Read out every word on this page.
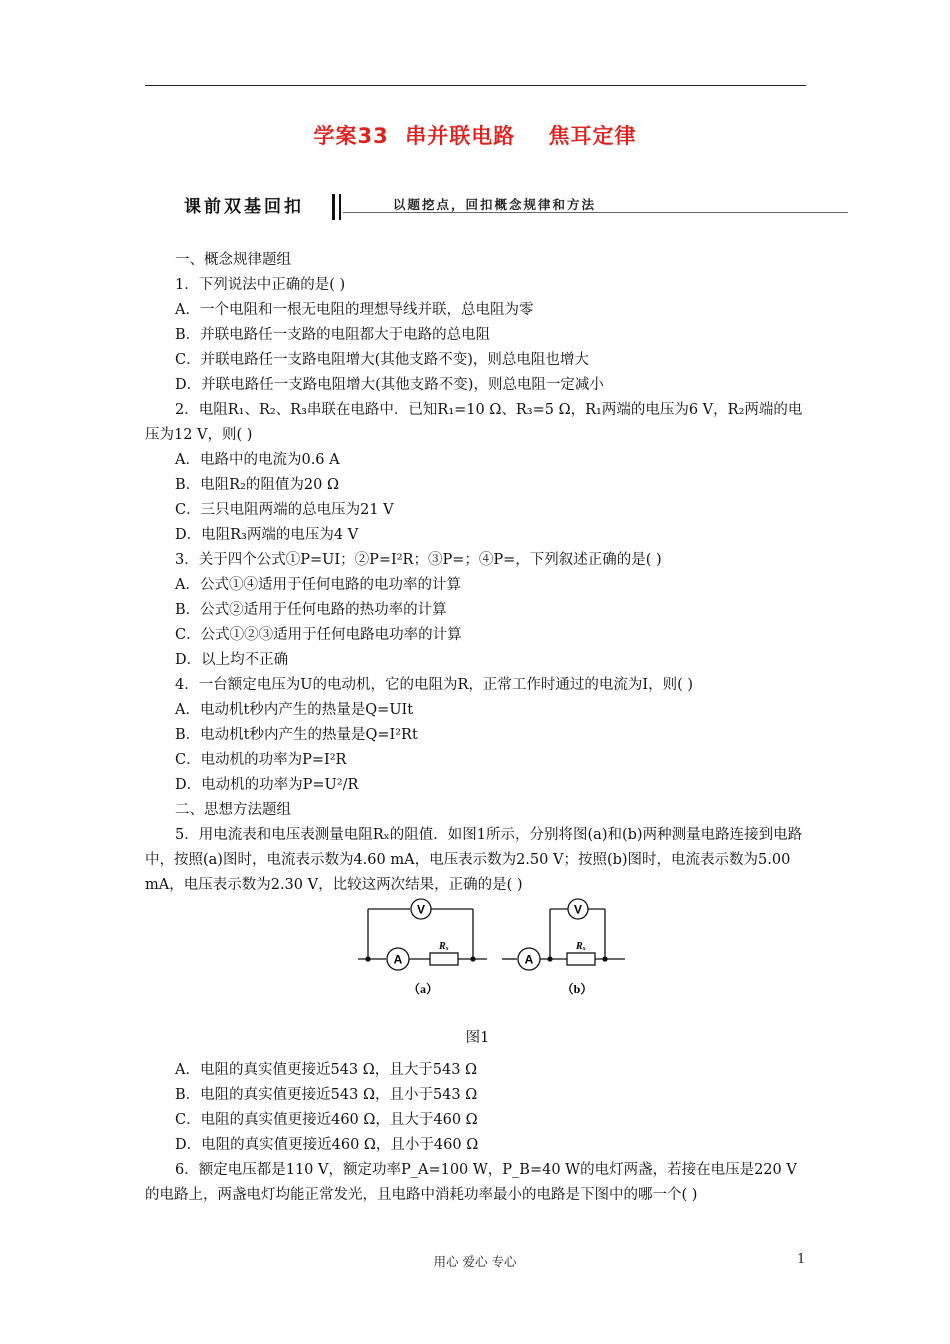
学案33  串并联电路    焦耳定律
课前双基回扣	以题挖点，回扣概念规律和方法
一、概念规律题组
1．下列说法中正确的是( )
A．一个电阻和一根无电阻的理想导线并联，总电阻为零
B．并联电路任一支路的电阻都大于电路的总电阻
C．并联电路任一支路电阻增大(其他支路不变)，则总电阻也增大
D．并联电路任一支路电阻增大(其他支路不变)，则总电阻一定减小
2．电阻R₁、R₂、R₃串联在电路中．已知R₁=10 Ω、R₃=5 Ω，R₁两端的电压为6 V，R₂两端的电压为12 V，则( )
A．电路中的电流为0.6 A
B．电阻R₂的阻值为20 Ω
C．三只电阻两端的总电压为21 V
D．电阻R₃两端的电压为4 V
3．关于四个公式①P=UI；②P=I²R；③P=；④P=，下列叙述正确的是( )
A．公式①④适用于任何电路的电功率的计算
B．公式②适用于任何电路的热功率的计算
C．公式①②③适用于任何电路电功率的计算
D．以上均不正确
4．一台额定电压为U的电动机，它的电阻为R，正常工作时通过的电流为I，则( )
A．电动机t秒内产生的热量是Q=UIt
B．电动机t秒内产生的热量是Q=I²Rt
C．电动机的功率为P=I²R
D．电动机的功率为P=U²/R
二、思想方法题组
5．用电流表和电压表测量电阻Rₓ的阻值．如图1所示，分别将图(a)和(b)两种测量电路连接到电路中，按照(a)图时，电流表示数为4.60 mA，电压表示数为2.50 V；按照(b)图时，电流表示数为5.00 mA，电压表示数为2.30 V，比较这两次结果，正确的是( )
V
A
Rₓ
（a）
V
A
Rₓ
（b）
图1
A．电阻的真实值更接近543 Ω，且大于543 Ω
B．电阻的真实值更接近543 Ω，且小于543 Ω
C．电阻的真实值更接近460 Ω，且大于460 Ω
D．电阻的真实值更接近460 Ω，且小于460 Ω
6．额定电压都是110 V，额定功率P_A=100 W，P_B=40 W的电灯两盏，若接在电压是220 V的电路上，两盏电灯均能正常发光，且电路中消耗功率最小的电路是下图中的哪一个( )
用心 爱心 专心	1
